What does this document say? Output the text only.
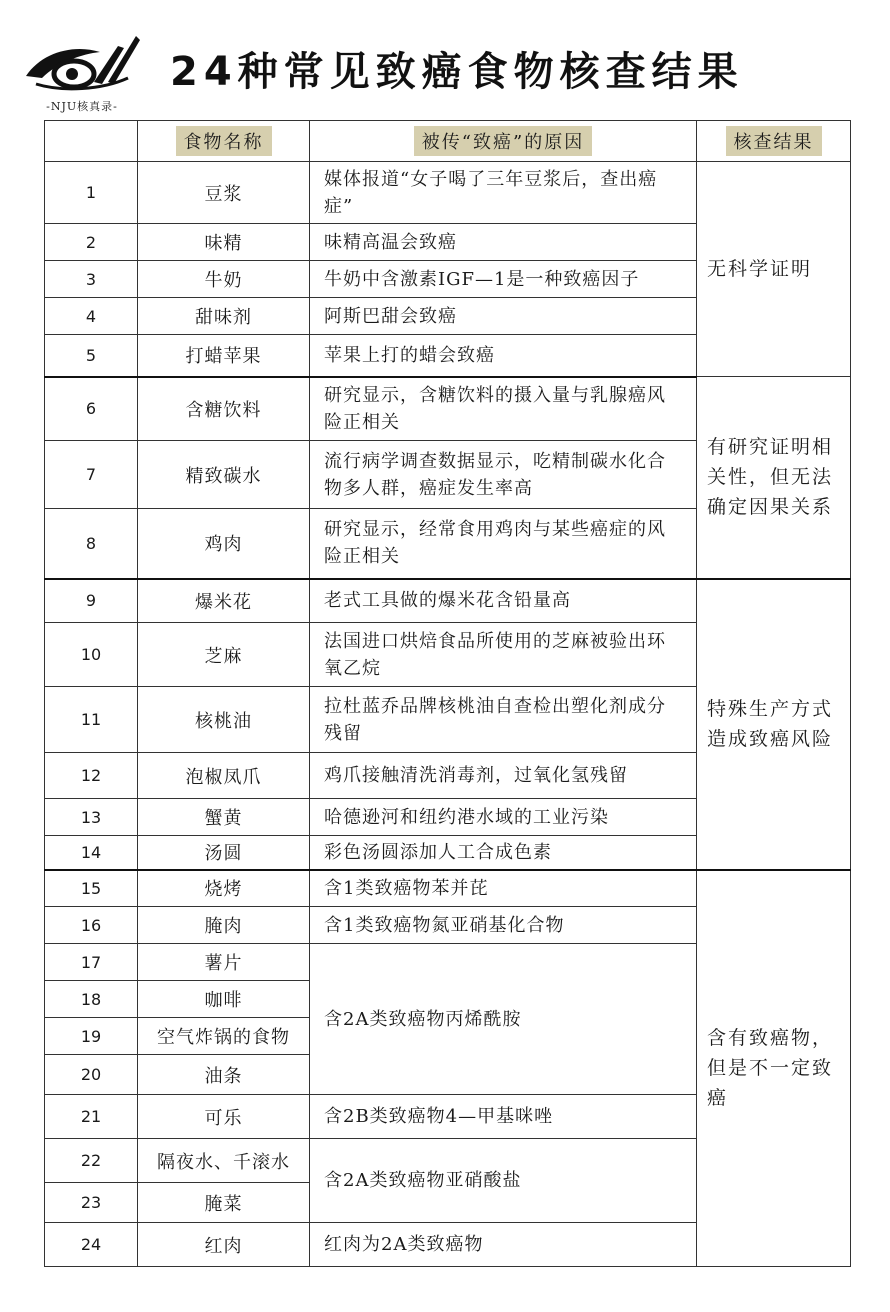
-NJU核真录-
24种常见致癌食物核查结果
	食物名称	被传“致癌”的原因	核查结果
1	豆浆	媒体报道“女子喝了三年豆浆后，查出癌症”	无科学证明
2	味精	味精高温会致癌	
3	牛奶	牛奶中含激素IGF—1是一种致癌因子	
4	甜味剂	阿斯巴甜会致癌	
5	打蜡苹果	苹果上打的蜡会致癌	
6	含糖饮料	研究显示，含糖饮料的摄入量与乳腺癌风险正相关	有研究证明相关性，但无法确定因果关系
7	精致碳水	流行病学调查数据显示，吃精制碳水化合物多人群，癌症发生率高	
8	鸡肉	研究显示，经常食用鸡肉与某些癌症的风险正相关	
9	爆米花	老式工具做的爆米花含铅量高	特殊生产方式造成致癌风险
10	芝麻	法国进口烘焙食品所使用的芝麻被验出环氧乙烷	
11	核桃油	拉杜蓝乔品牌核桃油自查检出塑化剂成分残留	
12	泡椒凤爪	鸡爪接触清洗消毒剂，过氧化氢残留	
13	蟹黄	哈德逊河和纽约港水域的工业污染	
14	汤圆	彩色汤圆添加人工合成色素	
15	烧烤	含1类致癌物苯并芘	含有致癌物，但是不一定致癌
16	腌肉	含1类致癌物氮亚硝基化合物	
17	薯片	含2A类致癌物丙烯酰胺	
18	咖啡		
19	空气炸锅的食物		
20	油条		
21	可乐	含2B类致癌物4—甲基咪唑	
22	隔夜水、千滚水	含2A类致癌物亚硝酸盐	
23	腌菜		
24	红肉	红肉为2A类致癌物	
